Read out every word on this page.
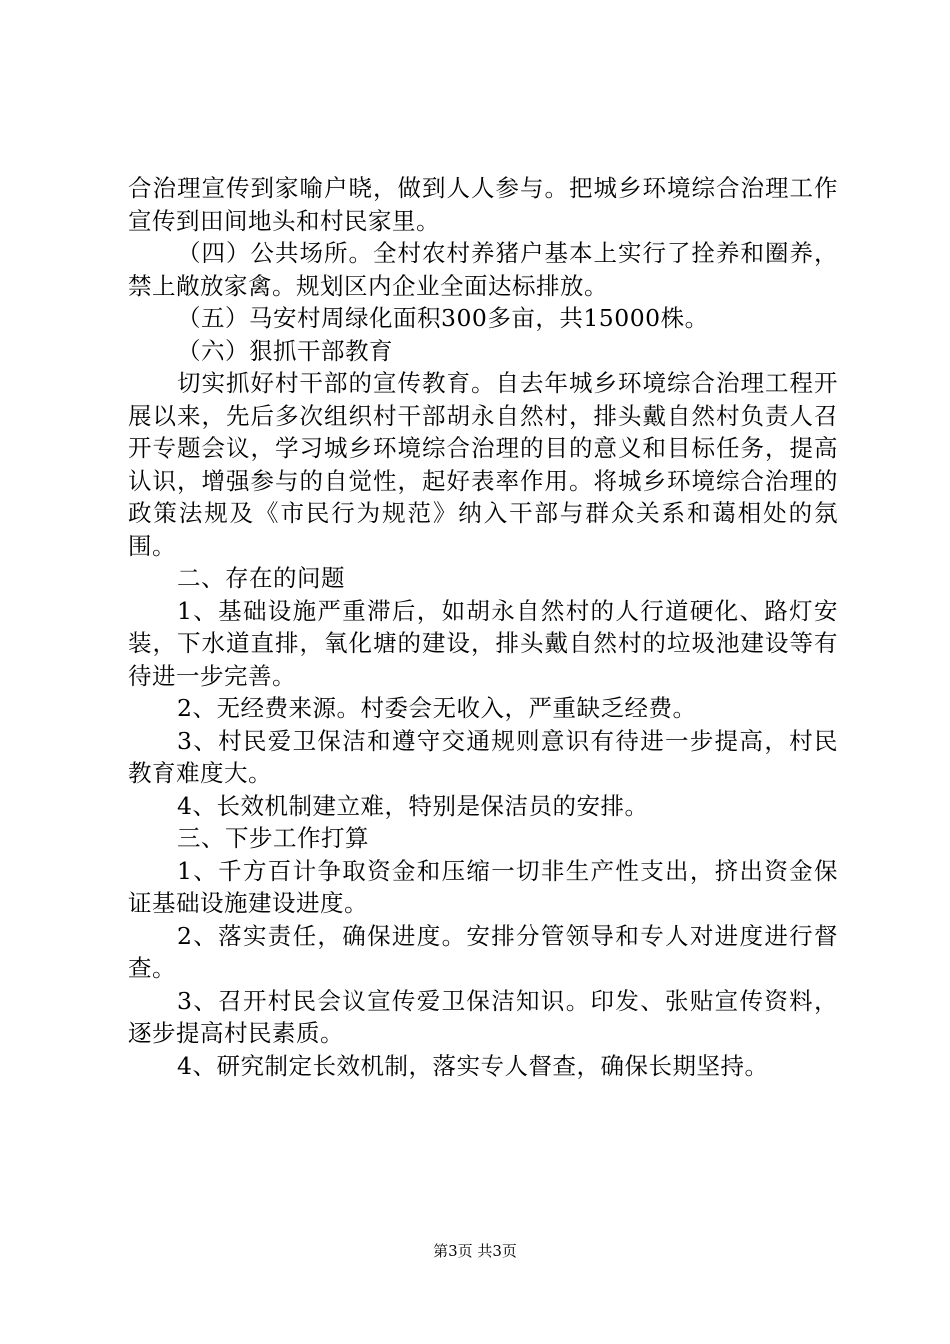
合治理宣传到家喻户晓，做到人人参与。把城乡环境综合治理工作宣传到田间地头和村民家里。

（四）公共场所。全村农村养猪户基本上实行了拴养和圈养，禁上敞放家禽。规划区内企业全面达标排放。

（五）马安村周绿化面积300多亩，共15000株。

（六）狠抓干部教育

切实抓好村干部的宣传教育。自去年城乡环境综合治理工程开展以来，先后多次组织村干部胡永自然村，排头戴自然村负责人召开专题会议，学习城乡环境综合治理的目的意义和目标任务，提高认识，增强参与的自觉性，起好表率作用。将城乡环境综合治理的政策法规及《市民行为规范》纳入干部与群众关系和蔼相处的氛围。

二、存在的问题

1、基础设施严重滞后，如胡永自然村的人行道硬化、路灯安装，下水道直排，氧化塘的建设，排头戴自然村的垃圾池建设等有待进一步完善。

2、无经费来源。村委会无收入，严重缺乏经费。

3、村民爱卫保洁和遵守交通规则意识有待进一步提高，村民教育难度大。

4、长效机制建立难，特别是保洁员的安排。

三、下步工作打算

1、千方百计争取资金和压缩一切非生产性支出，挤出资金保证基础设施建设进度。

2、落实责任，确保进度。安排分管领导和专人对进度进行督查。

3、召开村民会议宣传爱卫保洁知识。印发、张贴宣传资料，逐步提高村民素质。

4、研究制定长效机制，落实专人督查，确保长期坚持。

第3页 共3页
